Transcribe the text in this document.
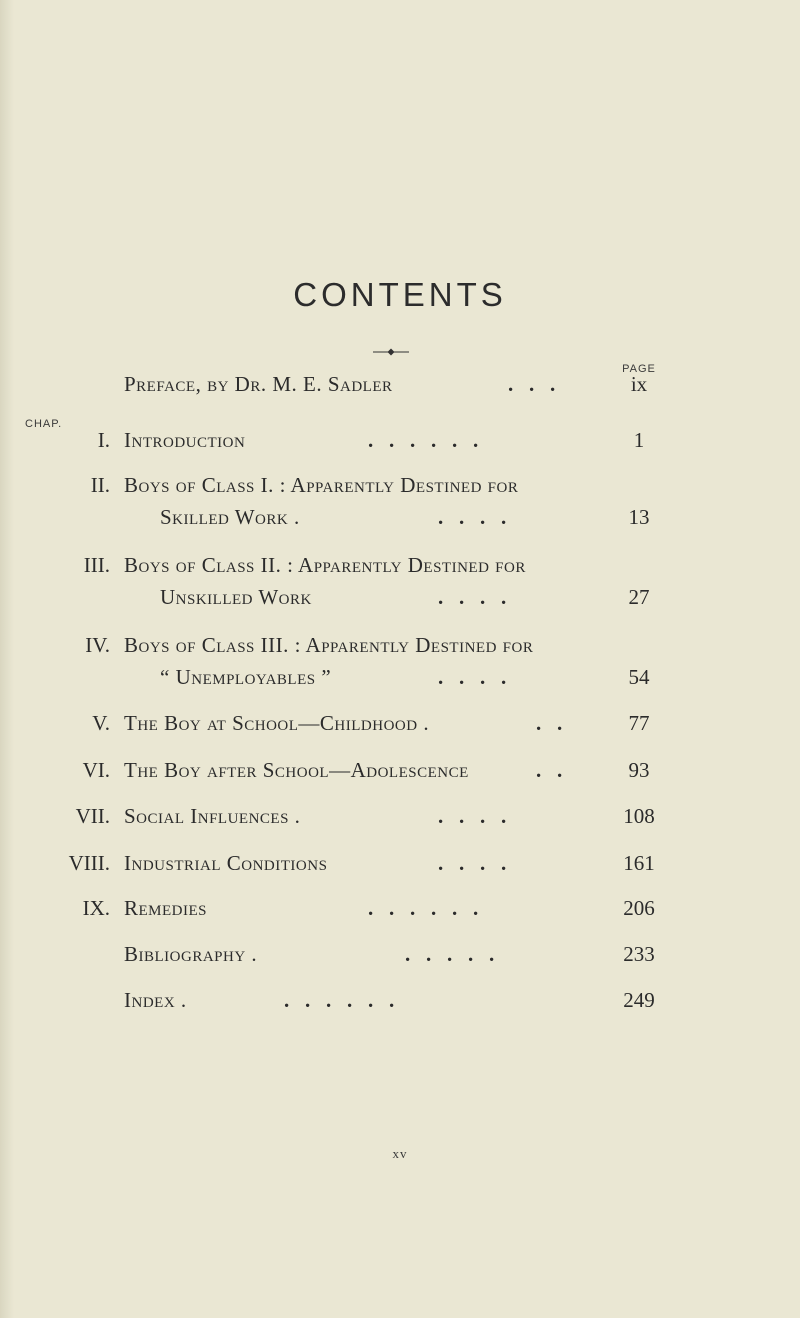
CONTENTS
PAGE
CHAP.
Preface, by Dr. M. E. Sadler	.   .   .	ix
I. Introduction	.   .   .   .   .   .	1
II. Boys of Class I. : Apparently Destined for
Skilled Work .	.   .   .   .	13
III. Boys of Class II. : Apparently Destined for
Unskilled Work	.   .   .   .	27
IV. Boys of Class III. : Apparently Destined for
“ Unemployables ”	.   .   .   .	54
V. The Boy at School—Childhood .	.   .	77
VI. The Boy after School—Adolescence	.   .	93
VII. Social Influences .	.   .   .   .	108
VIII. Industrial Conditions	.   .   .   .	161
IX. Remedies	.   .   .   .   .   .	206
Bibliography .	.   .   .   .   .	233
Index .	.   .   .   .   .   .	249
xv
